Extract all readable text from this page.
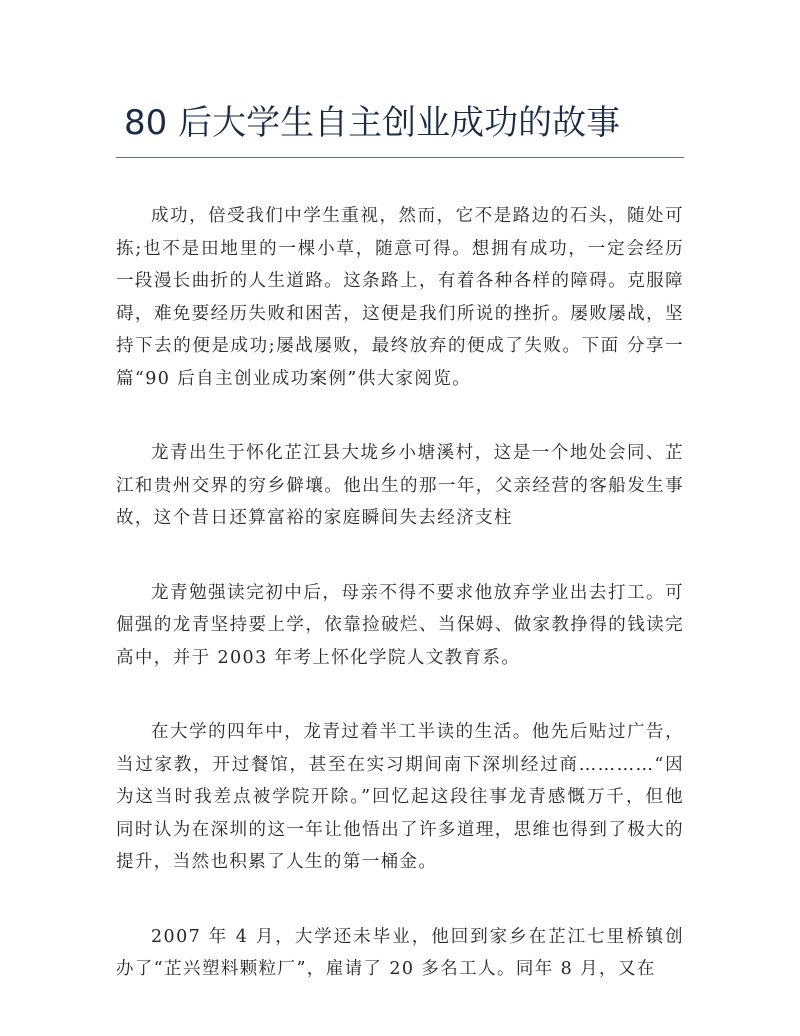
80 后大学生自主创业成功的故事

成功，倍受我们中学生重视，然而，它不是路边的石头，随处可拣;也不是田地里的一棵小草，随意可得。想拥有成功，一定会经历一段漫长曲折的人生道路。这条路上，有着各种各样的障碍。克服障碍，难免要经历失败和困苦，这便是我们所说的挫折。屡败屡战，坚持下去的便是成功;屡战屡败，最终放弃的便成了失败。下面 分享一篇“90 后自主创业成功案例”供大家阅览。

龙青出生于怀化芷江县大垅乡小塘溪村，这是一个地处会同、芷江和贵州交界的穷乡僻壤。他出生的那一年，父亲经营的客船发生事故，这个昔日还算富裕的家庭瞬间失去经济支柱

龙青勉强读完初中后，母亲不得不要求他放弃学业出去打工。可倔强的龙青坚持要上学，依靠捡破烂、当保姆、做家教挣得的钱读完高中，并于 2003 年考上怀化学院人文教育系。

在大学的四年中，龙青过着半工半读的生活。他先后贴过广告，当过家教，开过餐馆，甚至在实习期间南下深圳经过商…………“因为这当时我差点被学院开除。”回忆起这段往事龙青感慨万千，但他同时认为在深圳的这一年让他悟出了许多道理，思维也得到了极大的提升，当然也积累了人生的第一桶金。

2007 年 4 月，大学还未毕业，他回到家乡在芷江七里桥镇创办了“芷兴塑料颗粒厂”，雇请了 20 多名工人。同年 8 月，又在
